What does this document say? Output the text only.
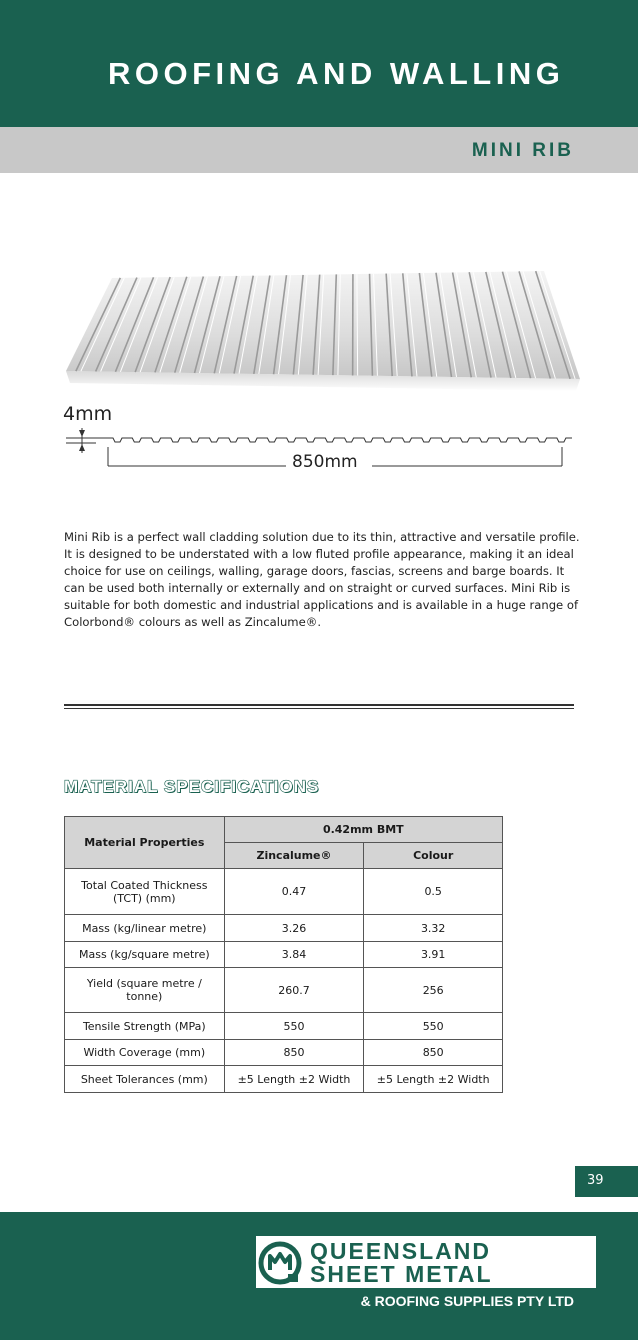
ROOFING AND WALLING
MINI RIB
4mm
850mm

Mini Rib is a perfect wall cladding solution due to its thin, attractive and versatile profile. It is designed to be understated with a low fluted profile appearance, making it an ideal choice for use on ceilings, walling, garage doors, fascias, screens and barge boards. It can be used both internally or externally and on straight or curved surfaces. Mini Rib is suitable for both domestic and industrial applications and is available in a huge range of Colorbond® colours as well as Zincalume®.

MATERIAL SPECIFICATIONS
Material Properties	0.42mm BMT	
	Zincalume®	Colour
Total Coated Thickness (TCT) (mm)	0.47	0.5
Mass (kg/linear metre)	3.26	3.32
Mass (kg/square metre)	3.84	3.91
Yield (square metre / tonne)	260.7	256
Tensile Strength (MPa)	550	550
Width Coverage (mm)	850	850
Sheet Tolerances (mm)	±5 Length ±2 Width	±5 Length ±2 Width
39

QUEENSLAND

SHEET METAL

& ROOFING SUPPLIES PTY LTD
